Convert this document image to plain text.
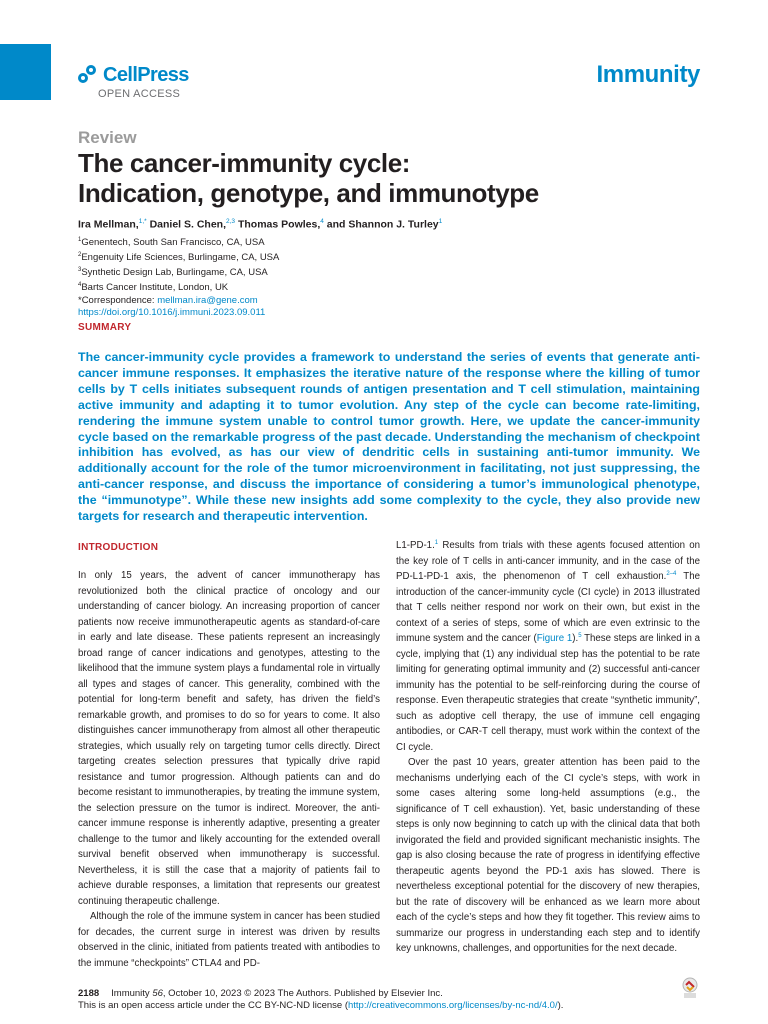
CellPress
OPEN ACCESS
Immunity
Review
The cancer-immunity cycle:
Indication, genotype, and immunotype
Ira Mellman,$^{1,*}$ Daniel S. Chen,$^{2,3}$ Thomas Powles,$^4$ and Shannon J. Turley$^1$
$^1$Genentech, South San Francisco, CA, USA
$^2$Engenuity Life Sciences, Burlingame, CA, USA
$^3$Synthetic Design Lab, Burlingame, CA, USA
$^4$Barts Cancer Institute, London, UK
*Correspondence: mellman.ira@gene.com
https://doi.org/10.1016/j.immuni.2023.09.011
SUMMARY
The cancer-immunity cycle provides a framework to understand the series of events that generate anti-cancer immune responses. It emphasizes the iterative nature of the response where the killing of tumor cells by T cells initiates subsequent rounds of antigen presentation and T cell stimulation, maintaining active immunity and adapting it to tumor evolution. Any step of the cycle can become rate-limiting, rendering the immune system unable to control tumor growth. Here, we update the cancer-immunity cycle based on the remarkable progress of the past decade. Understanding the mechanism of checkpoint inhibition has evolved, as has our view of dendritic cells in sustaining anti-tumor immunity. We additionally account for the role of the tumor microenvironment in facilitating, not just suppressing, the anti-cancer response, and discuss the importance of considering a tumor’s immunological phenotype, the “immunotype”. While these new insights add some complexity to the cycle, they also provide new targets for research and therapeutic intervention.
INTRODUCTION

In only 15 years, the advent of cancer immunotherapy has revolutionized both the clinical practice of oncology and our understanding of cancer biology. An increasing proportion of cancer patients now receive immunotherapeutic agents as standard-of-care in early and late disease. These patients represent an increasingly broad range of cancer indications and genotypes, attesting to the likelihood that the immune system plays a fundamental role in virtually all types and stages of cancer. This generality, combined with the potential for long-term benefit and safety, has driven the field’s remarkable growth, and promises to do so for years to come. It also distinguishes cancer immunotherapy from almost all other therapeutic strategies, which usually rely on targeting tumor cells directly. Direct targeting creates selection pressures that typically drive rapid resistance and tumor progression. Although patients can and do become resistant to immunotherapies, by treating the immune system, the selection pressure on the tumor is indirect. Moreover, the anti-cancer immune response is inherently adaptive, presenting a greater challenge to the tumor and likely accounting for the extended overall survival benefit observed when immunotherapy is successful. Nevertheless, it is still the case that a majority of patients fail to achieve durable responses, a limitation that represents our greatest continuing therapeutic challenge.

Although the role of the immune system in cancer has been studied for decades, the current surge in interest was driven by results observed in the clinic, initiated from patients treated with antibodies to the immune “checkpoints” CTLA4 and PD-

L1-PD-1.$^1$ Results from trials with these agents focused attention on the key role of T cells in anti-cancer immunity, and in the case of the PD-L1-PD-1 axis, the phenomenon of T cell exhaustion.$^{2-4}$ The introduction of the cancer-immunity cycle (CI cycle) in 2013 illustrated that T cells neither respond nor work on their own, but exist in the context of a series of steps, some of which are even extrinsic to the immune system and the cancer (Figure 1).$^5$ These steps are linked in a cycle, implying that (1) any individual step has the potential to be rate limiting for generating optimal immunity and (2) successful anti-cancer immunity has the potential to be self-reinforcing during the course of response. Even therapeutic strategies that create “synthetic immunity”, such as adoptive cell therapy, the use of immune cell engaging antibodies, or CAR-T cell therapy, must work within the context of the CI cycle.

Over the past 10 years, greater attention has been paid to the mechanisms underlying each of the CI cycle’s steps, with work in some cases altering some long-held assumptions (e.g., the significance of T cell exhaustion). Yet, basic understanding of these steps is only now beginning to catch up with the clinical data that both invigorated the field and provided significant mechanistic insights. The gap is also closing because the rate of progress in identifying effective therapeutic agents beyond the PD-1 axis has slowed. There is nevertheless exceptional potential for the discovery of new therapies, but the rate of discovery will be enhanced as we learn more about each of the cycle’s steps and how they fit together. This review aims to summarize our progress in understanding each step and to identify key unknowns, challenges, and opportunities for the next decade.

2188 Immunity 56, October 10, 2023 © 2023 The Authors. Published by Elsevier Inc.
This is an open access article under the CC BY-NC-ND license (http://creativecommons.org/licenses/by-nc-nd/4.0/).
